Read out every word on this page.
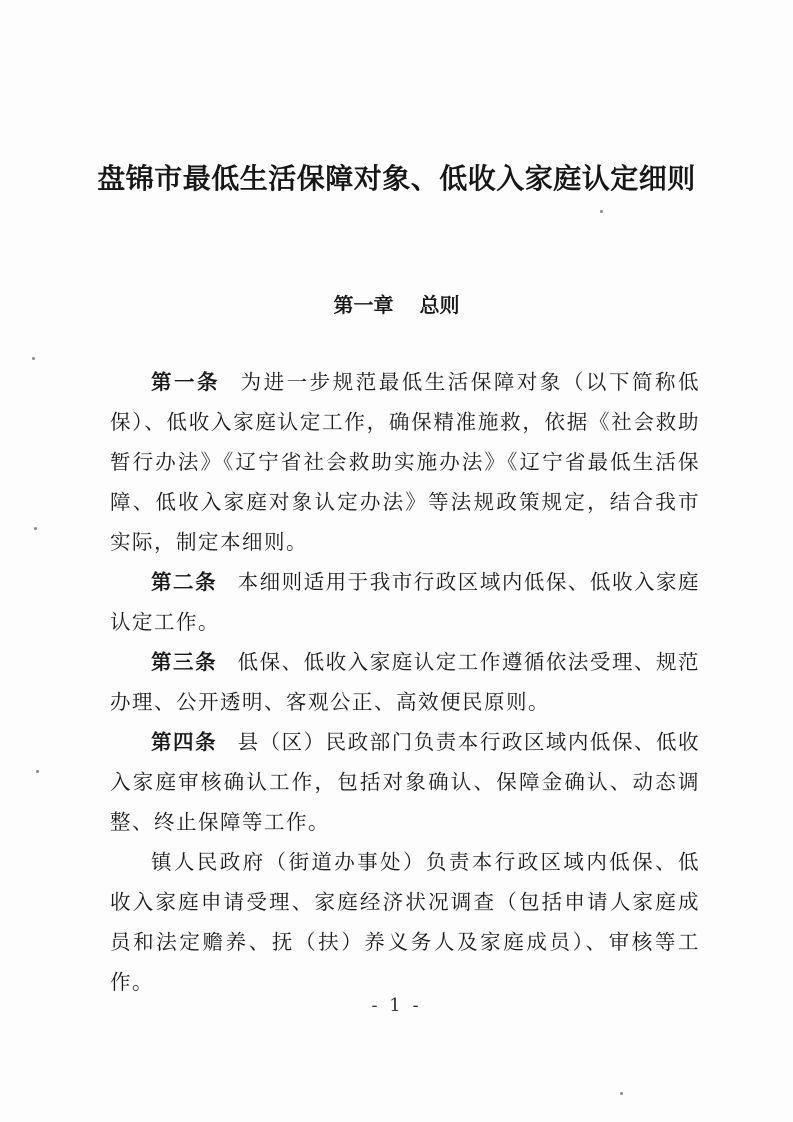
盘锦市最低生活保障对象、低收入家庭认定细则
第一章 总则

第一条 为进一步规范最低生活保障对象（以下简称低保）、低收入家庭认定工作，确保精准施救，依据《社会救助暂行办法》《辽宁省社会救助实施办法》《辽宁省最低生活保障、低收入家庭对象认定办法》等法规政策规定，结合我市实际，制定本细则。

第二条 本细则适用于我市行政区域内低保、低收入家庭认定工作。

第三条 低保、低收入家庭认定工作遵循依法受理、规范办理、公开透明、客观公正、高效便民原则。

第四条 县（区）民政部门负责本行政区域内低保、低收入家庭审核确认工作，包括对象确认、保障金确认、动态调整、终止保障等工作。

镇人民政府（街道办事处）负责本行政区域内低保、低收入家庭申请受理、家庭经济状况调查（包括申请人家庭成员和法定赡养、抚（扶）养义务人及家庭成员）、审核等工作。

- 1 -
